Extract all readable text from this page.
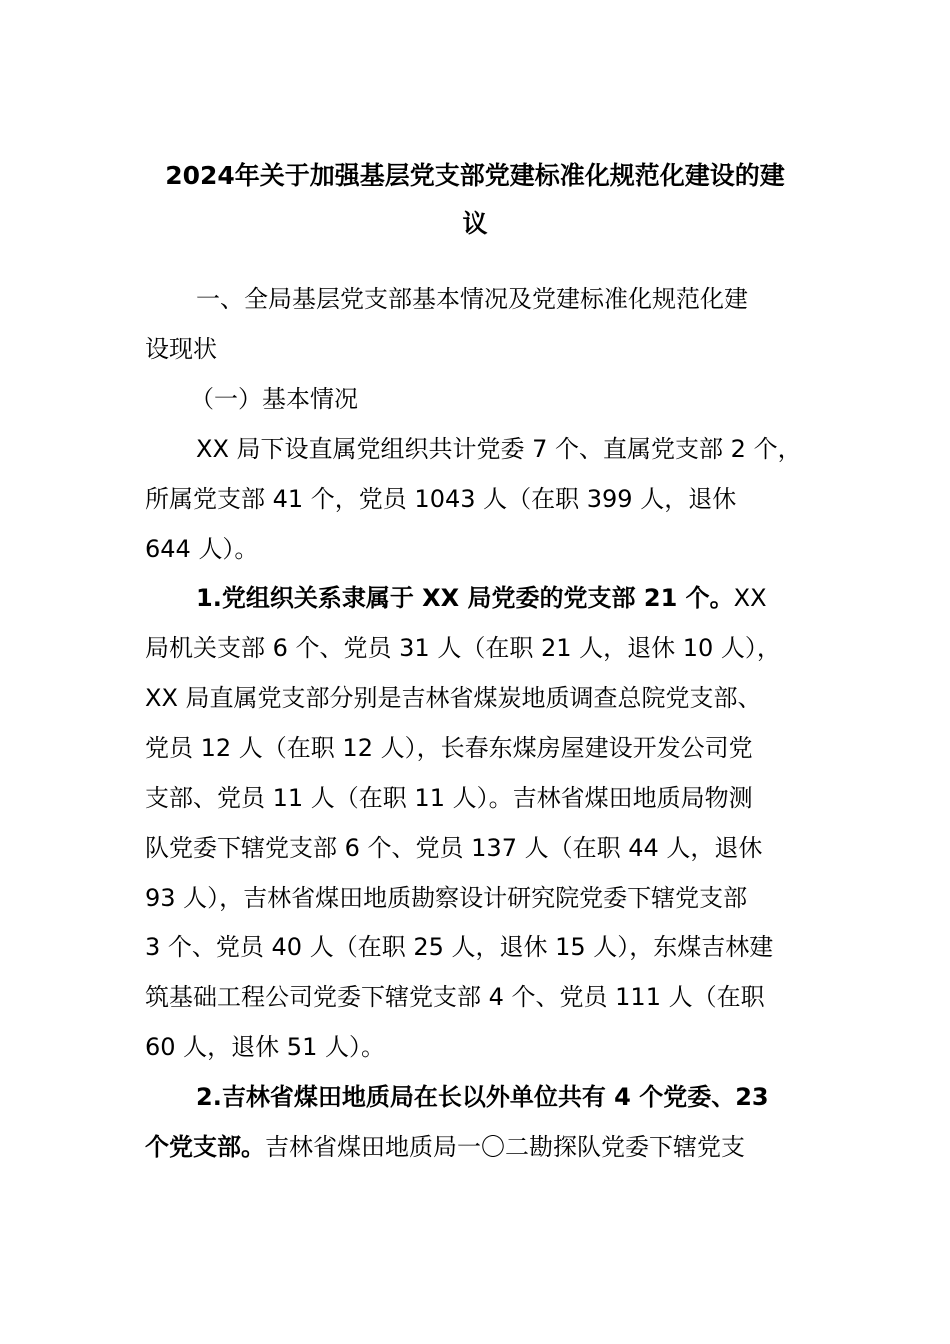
2024年关于加强基层党支部党建标准化规范化建设的建
议
一、全局基层党支部基本情况及党建标准化规范化建
设现状
（一）基本情况
XX 局下设直属党组织共计党委 7 个、直属党支部 2 个，
所属党支部 41 个，党员 1043 人（在职 399 人，退休
644 人）。
1.党组织关系隶属于 XX 局党委的党支部 21 个。XX
局机关支部 6 个、党员 31 人（在职 21 人，退休 10 人），
XX 局直属党支部分别是吉林省煤炭地质调查总院党支部、
党员 12 人（在职 12 人），长春东煤房屋建设开发公司党
支部、党员 11 人（在职 11 人）。吉林省煤田地质局物测
队党委下辖党支部 6 个、党员 137 人（在职 44 人，退休
93 人），吉林省煤田地质勘察设计研究院党委下辖党支部
3 个、党员 40 人（在职 25 人，退休 15 人），东煤吉林建
筑基础工程公司党委下辖党支部 4 个、党员 111 人（在职
60 人，退休 51 人）。
2.吉林省煤田地质局在长以外单位共有 4 个党委、23
个党支部。吉林省煤田地质局一〇二勘探队党委下辖党支
